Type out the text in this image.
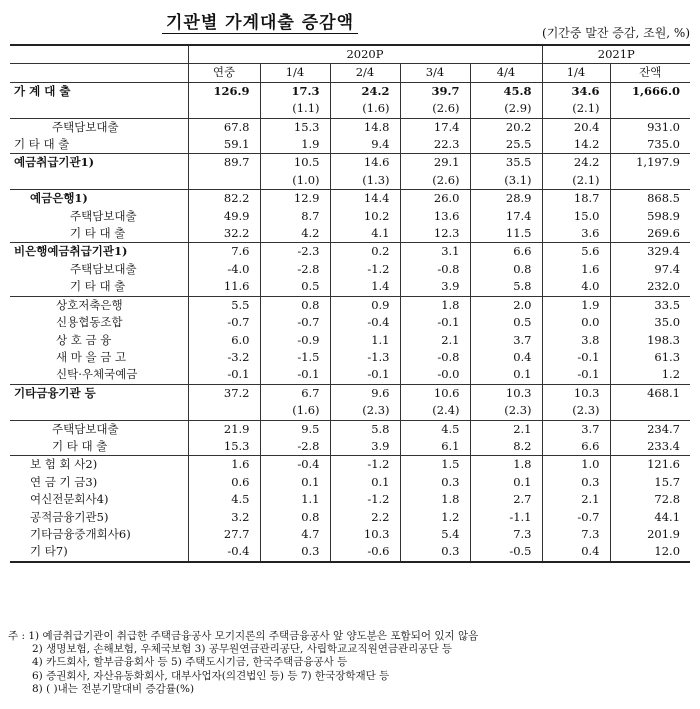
기관별 가계대출 증감액	(기간중 말잔 증감, 조원, %)
	2020P					2021P	
	연중	1/4	2/4	3/4	4/4	1/4	잔액
가 계 대 출	126.9	17.3	24.2	39.7	45.8	34.6	1,666.0
		(1.1)	(1.6)	(2.6)	(2.9)	(2.1)	
주택담보대출	67.8	15.3	14.8	17.4	20.2	20.4	931.0
기 타 대 출	59.1	1.9	9.4	22.3	25.5	14.2	735.0
예금취급기관1)	89.7	10.5	14.6	29.1	35.5	24.2	1,197.9
		(1.0)	(1.3)	(2.6)	(3.1)	(2.1)	
예금은행1)	82.2	12.9	14.4	26.0	28.9	18.7	868.5
주택담보대출	49.9	8.7	10.2	13.6	17.4	15.0	598.9
기 타 대 출	32.2	4.2	4.1	12.3	11.5	3.6	269.6
비은행예금취급기관1)	7.6	-2.3	0.2	3.1	6.6	5.6	329.4
주택담보대출	-4.0	-2.8	-1.2	-0.8	0.8	1.6	97.4
기 타 대 출	11.6	0.5	1.4	3.9	5.8	4.0	232.0
상호저축은행	5.5	0.8	0.9	1.8	2.0	1.9	33.5
신용협동조합	-0.7	-0.7	-0.4	-0.1	0.5	0.0	35.0
상 호 금 융	6.0	-0.9	1.1	2.1	3.7	3.8	198.3
새 마 을 금 고	-3.2	-1.5	-1.3	-0.8	0.4	-0.1	61.3
신탁·우체국예금	-0.1	-0.1	-0.1	-0.0	0.1	-0.1	1.2
기타금융기관 등	37.2	6.7	9.6	10.6	10.3	10.3	468.1
		(1.6)	(2.3)	(2.4)	(2.3)	(2.3)	
주택담보대출	21.9	9.5	5.8	4.5	2.1	3.7	234.7
기 타 대 출	15.3	-2.8	3.9	6.1	8.2	6.6	233.4
보 험 회 사2)	1.6	-0.4	-1.2	1.5	1.8	1.0	121.6
연 금 기 금3)	0.6	0.1	0.1	0.3	0.1	0.3	15.7
여신전문회사4)	4.5	1.1	-1.2	1.8	2.7	2.1	72.8
공적금융기관5)	3.2	0.8	2.2	1.2	-1.1	-0.7	44.1
기타금융중개회사6)	27.7	4.7	10.3	5.4	7.3	7.3	201.9
기 타7)	-0.4	0.3	-0.6	0.3	-0.5	0.4	12.0
주 : 1) 예금취급기관이 취급한 주택금융공사 모기지론의 주택금융공사 앞 양도분은 포함되어 있지 않음
2) 생명보험, 손해보험, 우체국보험 3) 공무원연금관리공단, 사립학교교직원연금관리공단 등
4) 카드회사, 할부금융회사 등 5) 주택도시기금, 한국주택금융공사 등
6) 증권회사, 자산유동화회사, 대부사업자(의견법인 등) 등 7) 한국장학재단 등
8) ( )내는 전분기말대비 증감률(%)
